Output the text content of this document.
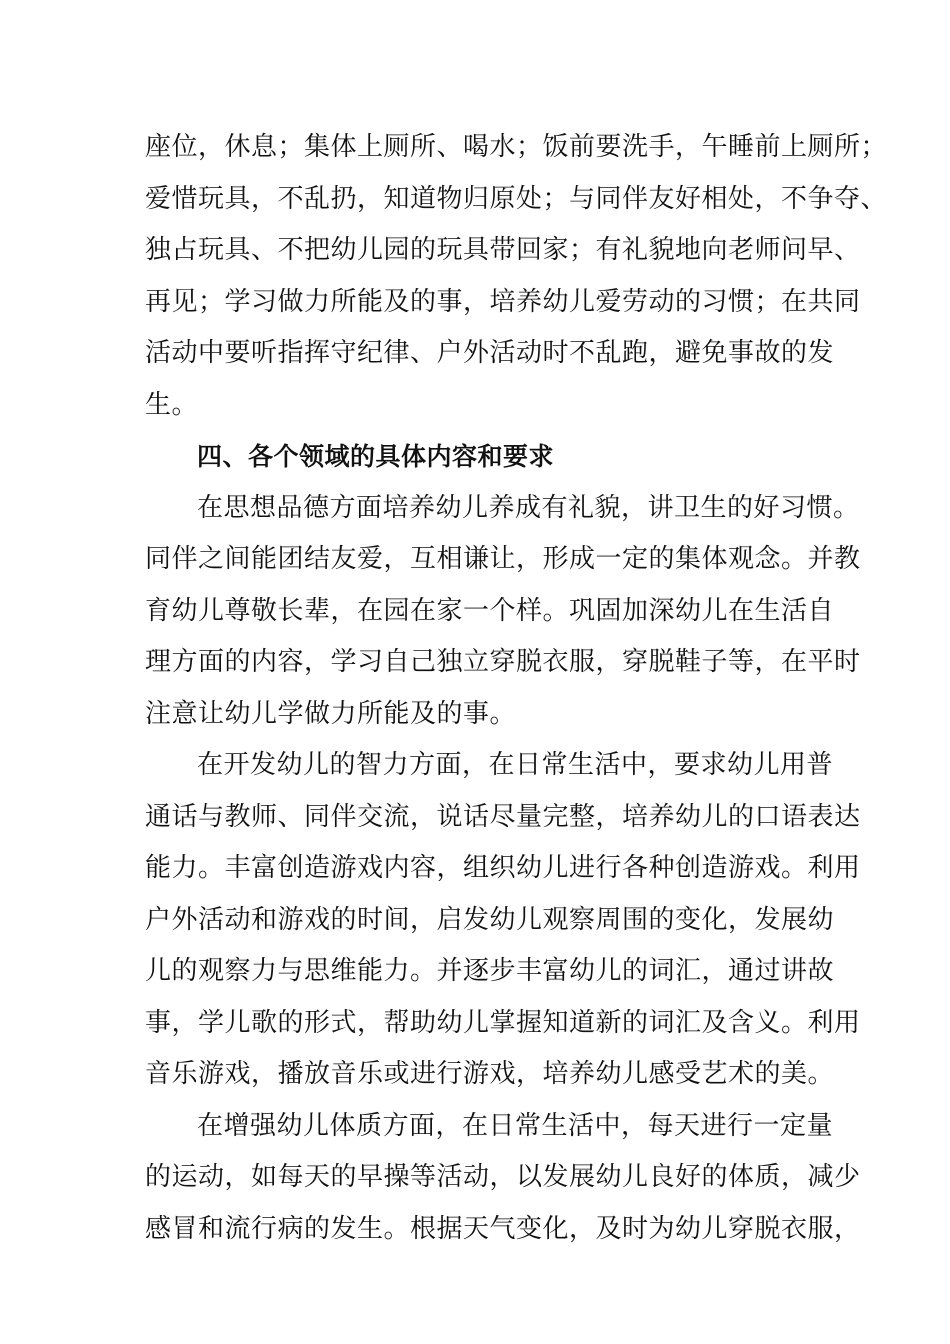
座位，休息；集体上厕所、喝水；饭前要洗手，午睡前上厕所；
爱惜玩具，不乱扔，知道物归原处；与同伴友好相处，不争夺、
独占玩具、不把幼儿园的玩具带回家；有礼貌地向老师问早、
再见；学习做力所能及的事，培养幼儿爱劳动的习惯；在共同
活动中要听指挥守纪律、户外活动时不乱跑，避免事故的发
生。
四、各个领域的具体内容和要求
在思想品德方面培养幼儿养成有礼貌，讲卫生的好习惯。
同伴之间能团结友爱，互相谦让，形成一定的集体观念。并教
育幼儿尊敬长辈，在园在家一个样。巩固加深幼儿在生活自
理方面的内容，学习自己独立穿脱衣服，穿脱鞋子等，在平时
注意让幼儿学做力所能及的事。
在开发幼儿的智力方面，在日常生活中，要求幼儿用普
通话与教师、同伴交流，说话尽量完整，培养幼儿的口语表达
能力。丰富创造游戏内容，组织幼儿进行各种创造游戏。利用
户外活动和游戏的时间，启发幼儿观察周围的变化，发展幼
儿的观察力与思维能力。并逐步丰富幼儿的词汇，通过讲故
事，学儿歌的形式，帮助幼儿掌握知道新的词汇及含义。利用
音乐游戏，播放音乐或进行游戏，培养幼儿感受艺术的美。
在增强幼儿体质方面，在日常生活中，每天进行一定量
的运动，如每天的早操等活动，以发展幼儿良好的体质，减少
感冒和流行病的发生。根据天气变化，及时为幼儿穿脱衣服，
